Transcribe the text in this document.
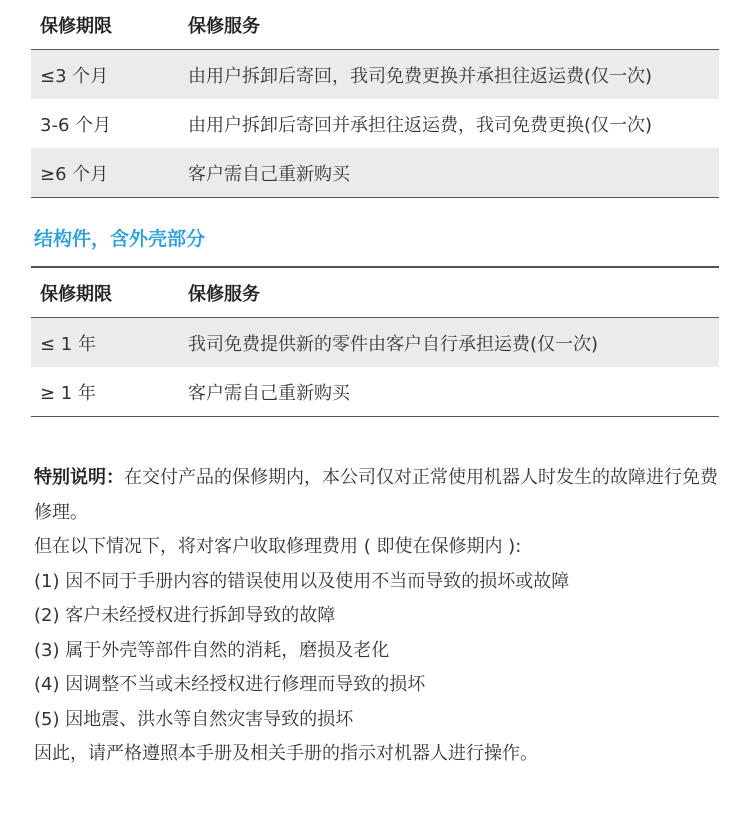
保修期限	保修服务
≤3 个月	由用户拆卸后寄回，我司免费更换并承担往返运费(仅一次)
3-6 个月	由用户拆卸后寄回并承担往返运费，我司免费更换(仅一次)
≥6 个月	客户需自己重新购买
结构件，含外壳部分
保修期限	保修服务
≤ 1 年	我司免费提供新的零件由客户自行承担运费(仅一次)
≥ 1 年	客户需自己重新购买

特别说明：在交付产品的保修期内，本公司仅对正常使用机器人时发生的故障进行免费修理。

但在以下情况下，将对客户收取修理费用 ( 即使在保修期内 ):

(1) 因不同于手册内容的错误使用以及使用不当而导致的损坏或故障

(2) 客户未经授权进行拆卸导致的故障

(3) 属于外壳等部件自然的消耗，磨损及老化

(4) 因调整不当或未经授权进行修理而导致的损坏

(5) 因地震、洪水等自然灾害导致的损坏

因此，请严格遵照本手册及相关手册的指示对机器人进行操作。
